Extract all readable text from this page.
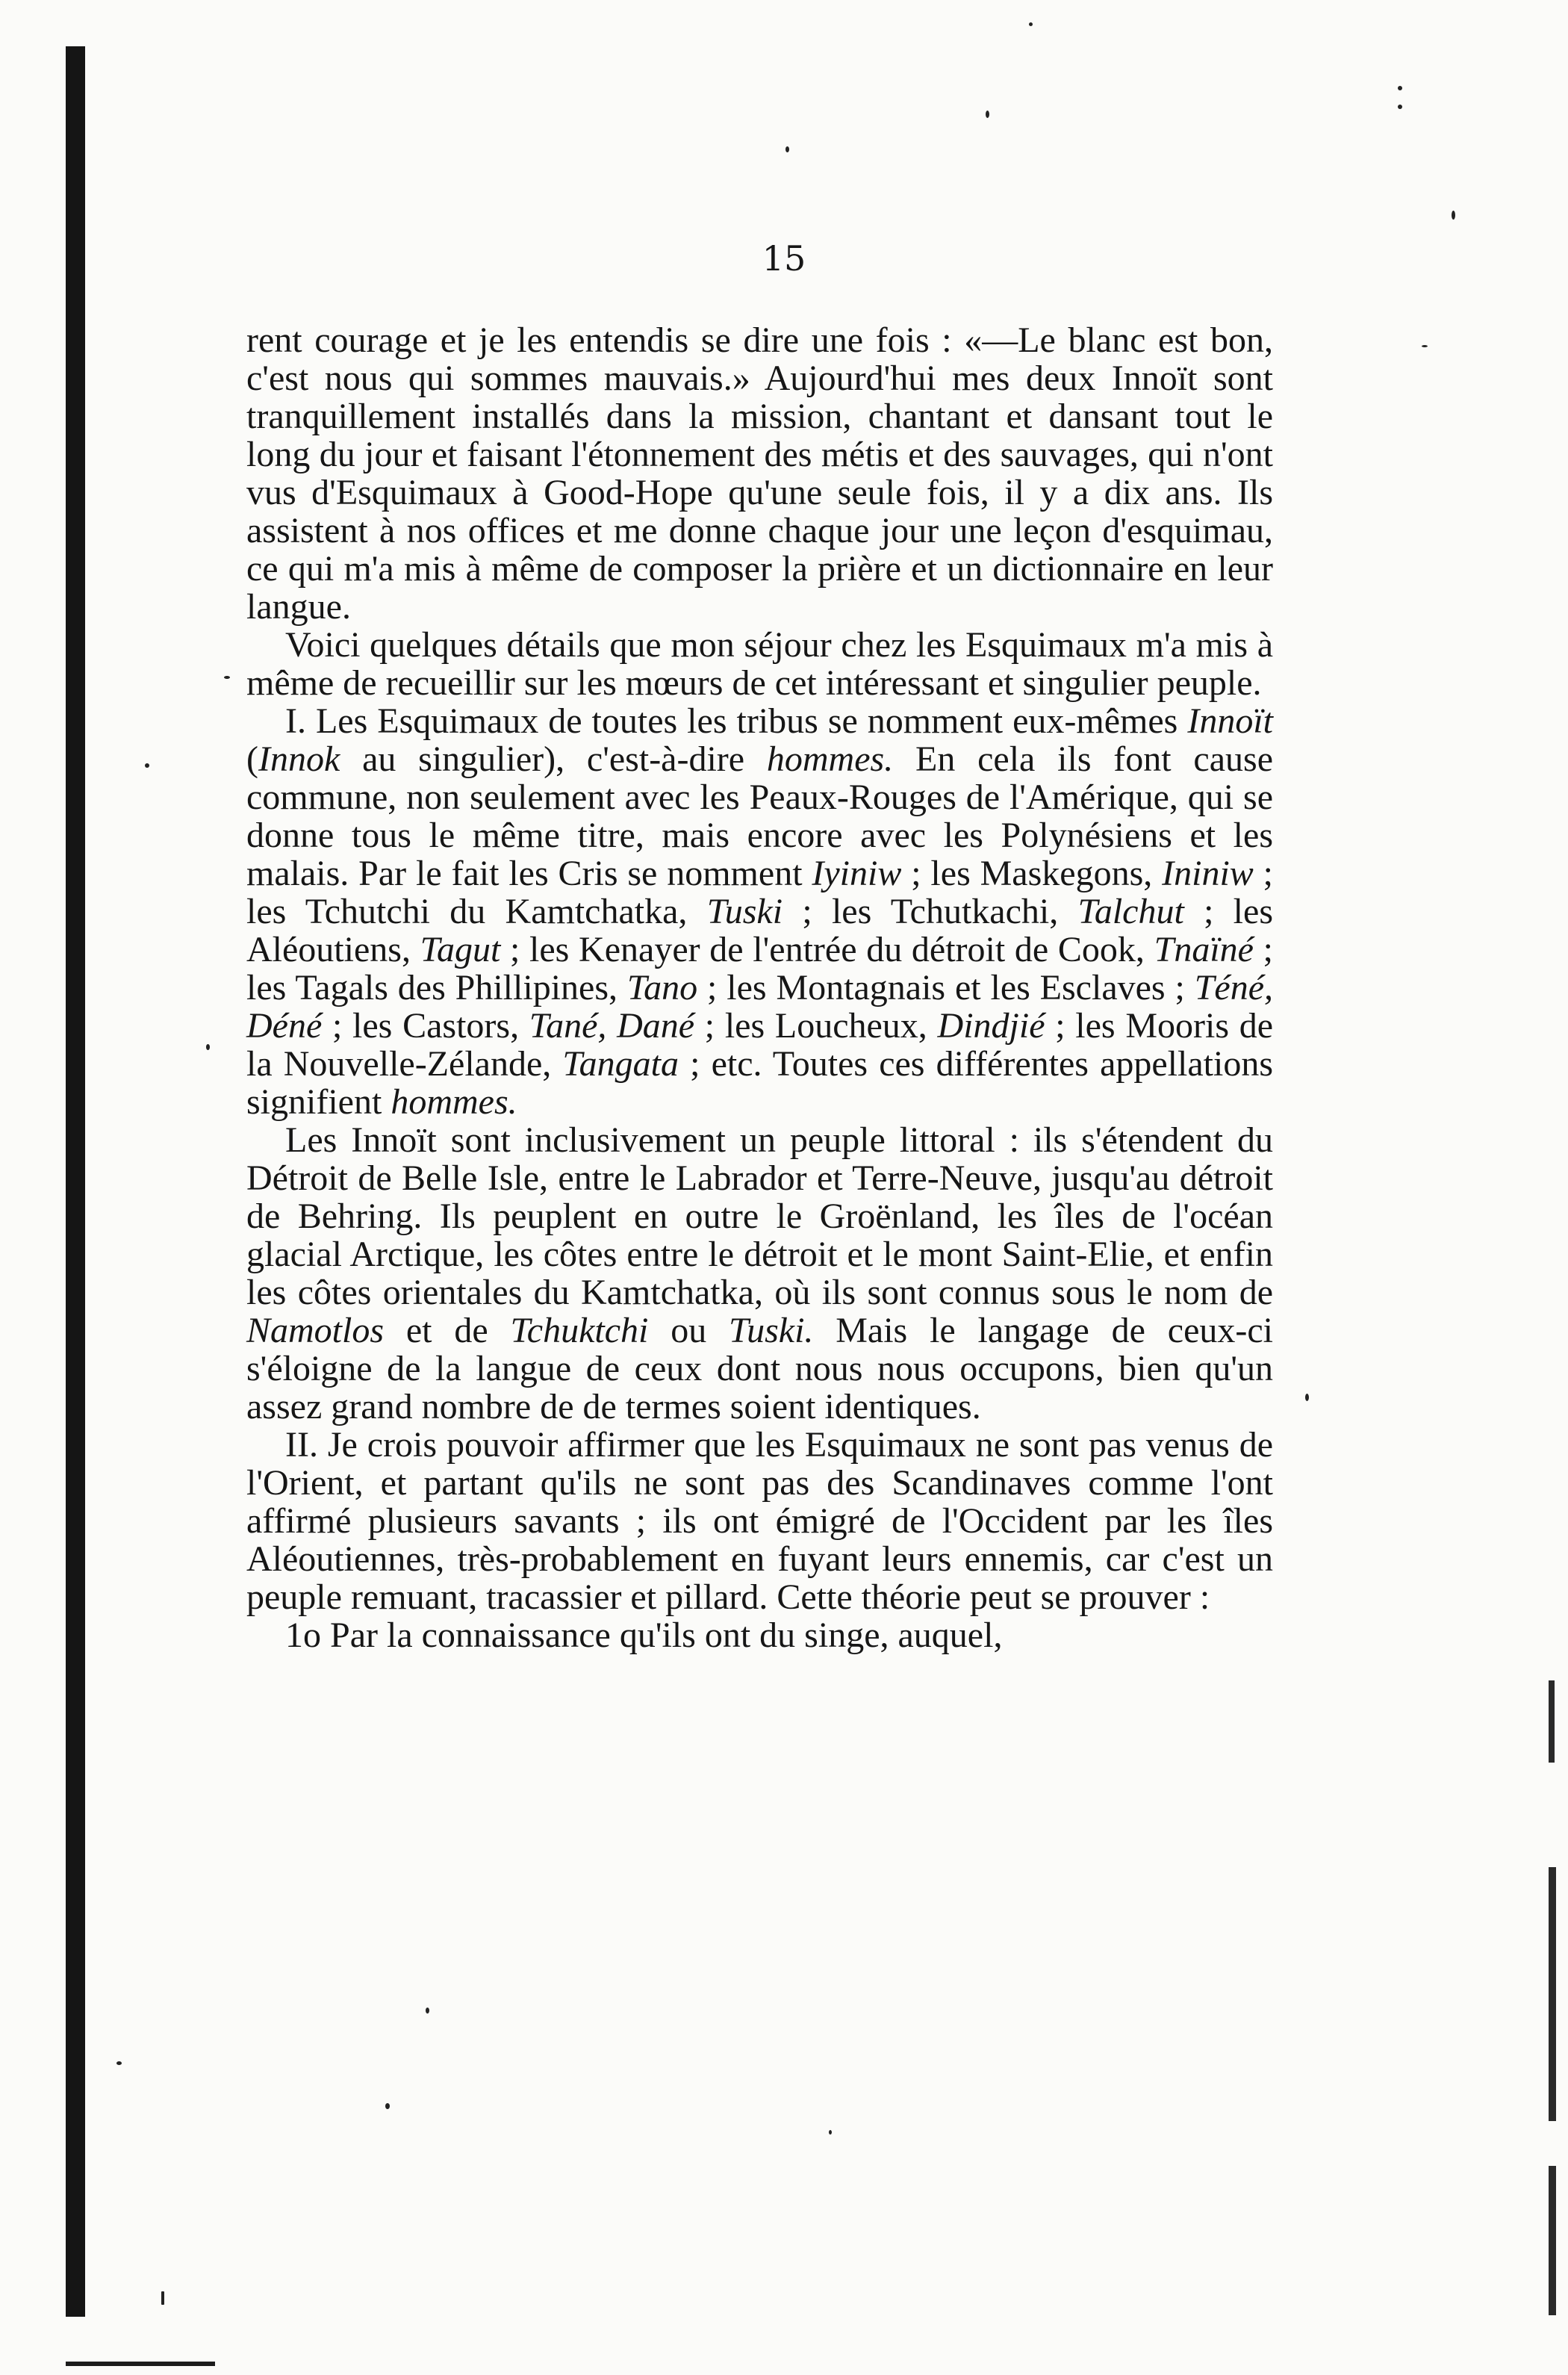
15

rent courage et je les entendis se dire une fois : «—Le blanc est bon, c'est nous qui sommes mauvais.» Aujourd'hui mes deux Innoït sont tranquillement installés dans la mission, chantant et dansant tout le long du jour et faisant l'étonnement des métis et des sauvages, qui n'ont vus d'Esquimaux à Good-Hope qu'une seule fois, il y a dix ans. Ils assistent à nos offices et me donne chaque jour une leçon d'esquimau, ce qui m'a mis à même de composer la prière et un dictionnaire en leur langue.

Voici quelques détails que mon séjour chez les Esquimaux m'a mis à même de recueillir sur les mœurs de cet intéressant et singulier peuple.

I. Les Esquimaux de toutes les tribus se nomment eux-mêmes Innoït (Innok au singulier), c'est-à-dire hommes. En cela ils font cause commune, non seulement avec les Peaux-Rouges de l'Amérique, qui se donne tous le même titre, mais encore avec les Polynésiens et les malais. Par le fait les Cris se nomment Iyiniw ; les Maskegons, Ininiw ; les Tchutchi du Kamtchatka, Tuski ; les Tchutkachi, Talchut ; les Aléoutiens, Tagut ; les Kenayer de l'entrée du détroit de Cook, Tnaïné ; les Tagals des Phillipines, Tano ; les Montagnais et les Esclaves ; Téné, Déné ; les Castors, Tané, Dané ; les Loucheux, Dindjié ; les Mooris de la Nouvelle-Zélande, Tangata ; etc. Toutes ces différentes appellations signifient hommes.

Les Innoït sont inclusivement un peuple littoral : ils s'étendent du Détroit de Belle Isle, entre le Labrador et Terre-Neuve, jusqu'au détroit de Behring. Ils peuplent en outre le Groënland, les îles de l'océan glacial Arctique, les côtes entre le détroit et le mont Saint-Elie, et enfin les côtes orientales du Kamtchatka, où ils sont connus sous le nom de Namotlos et de Tchuktchi ou Tuski. Mais le langage de ceux-ci s'éloigne de la langue de ceux dont nous nous occupons, bien qu'un assez grand nombre de de termes soient identiques.

II. Je crois pouvoir affirmer que les Esquimaux ne sont pas venus de l'Orient, et partant qu'ils ne sont pas des Scandinaves comme l'ont affirmé plusieurs savants ; ils ont émigré de l'Occident par les îles Aléoutiennes, très-probablement en fuyant leurs ennemis, car c'est un peuple remuant, tracassier et pillard. Cette théorie peut se prouver :

1o Par la connaissance qu'ils ont du singe, auquel,
